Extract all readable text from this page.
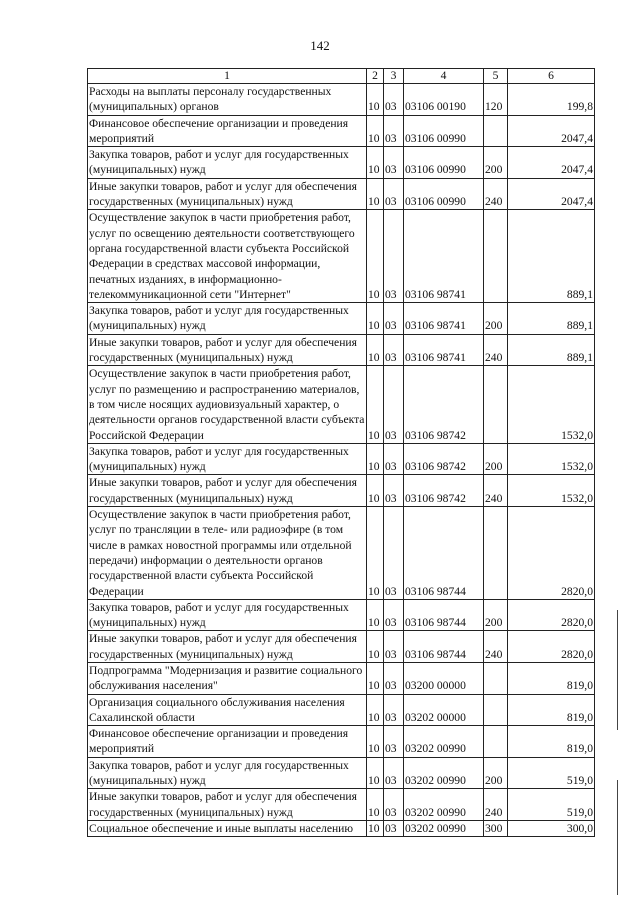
142
1	2	3	4	5	6
Расходы на выплаты персоналу государственных (муниципальных) органов	10	03	03106 00190	120	199,8
Финансовое обеспечение организации и проведения мероприятий	10	03	03106 00990		2047,4
Закупка товаров, работ и услуг для государственных (муниципальных) нужд	10	03	03106 00990	200	2047,4
Иные закупки товаров, работ и услуг для обеспечения государственных (муниципальных) нужд	10	03	03106 00990	240	2047,4
Осуществление закупок в части приобретения работ, услуг по освещению деятельности соответствующего органа государственной власти субъекта Российской Федерации в средствах массовой информации, печатных изданиях, в информационно-телекоммуникационной сети "Интернет"	10	03	03106 98741		889,1
Закупка товаров, работ и услуг для государственных (муниципальных) нужд	10	03	03106 98741	200	889,1
Иные закупки товаров, работ и услуг для обеспечения государственных (муниципальных) нужд	10	03	03106 98741	240	889,1
Осуществление закупок в части приобретения работ, услуг по размещению и распространению материалов, в том числе носящих аудиовизуальный характер, о деятельности органов государственной власти субъекта Российской Федерации	10	03	03106 98742		1532,0
Закупка товаров, работ и услуг для государственных (муниципальных) нужд	10	03	03106 98742	200	1532,0
Иные закупки товаров, работ и услуг для обеспечения государственных (муниципальных) нужд	10	03	03106 98742	240	1532,0
Осуществление закупок в части приобретения работ, услуг по трансляции в теле- или радиоэфире (в том числе в рамках новостной программы или отдельной передачи) информации о деятельности органов государственной власти субъекта Российской Федерации	10	03	03106 98744		2820,0
Закупка товаров, работ и услуг для государственных (муниципальных) нужд	10	03	03106 98744	200	2820,0
Иные закупки товаров, работ и услуг для обеспечения государственных (муниципальных) нужд	10	03	03106 98744	240	2820,0
Подпрограмма "Модернизация и развитие социального обслуживания населения"	10	03	03200 00000		819,0
Организация социального обслуживания населения Сахалинской области	10	03	03202 00000		819,0
Финансовое обеспечение организации и проведения мероприятий	10	03	03202 00990		819,0
Закупка товаров, работ и услуг для государственных (муниципальных) нужд	10	03	03202 00990	200	519,0
Иные закупки товаров, работ и услуг для обеспечения государственных (муниципальных) нужд	10	03	03202 00990	240	519,0
Социальное обеспечение и иные выплаты населению	10	03	03202 00990	300	300,0
